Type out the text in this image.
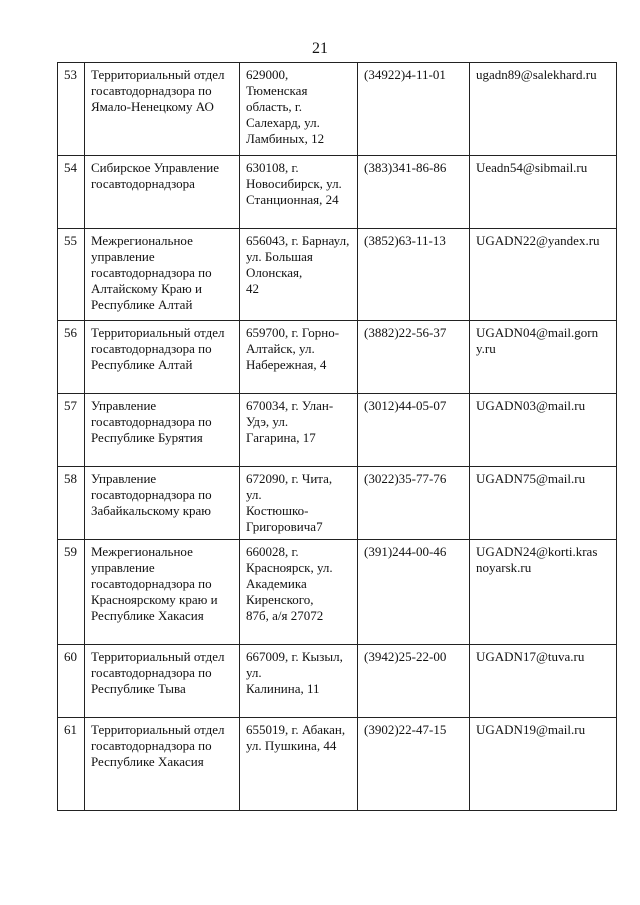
21
53	Территориальный отдел
госавтодорнадзора по
Ямало-Ненецкому АО	629000, Тюменская
область, г.
Салехард, ул.
Ламбиных, 12	(34922)4-11-01	ugadn89@salekhard.ru
54	Сибирское Управление
госавтодорнадзора	630108, г.
Новосибирск, ул.
Станционная, 24	(383)341-86-86	Ueadn54@sibmail.ru
55	Межрегиональное
управление
госавтодорнадзора по
Алтайскому Краю и
Республике Алтай	656043, г. Барнаул,
ул. Большая
Олонская,
42	(3852)63-11-13	UGADN22@yandex.ru
56	Территориальный отдел
госавтодорнадзора по
Республике Алтай	659700, г. Горно-
Алтайск, ул.
Набережная, 4	(3882)22-56-37	UGADN04@mail.gorn
y.ru
57	Управление
госавтодорнадзора по
Республике Бурятия	670034, г. Улан-
Удэ, ул.
Гагарина, 17	(3012)44-05-07	UGADN03@mail.ru
58	Управление
госавтодорнадзора по
Забайкальскому краю	672090, г. Чита, ул.
Костюшко-
Григоровича7	(3022)35-77-76	UGADN75@mail.ru
59	Межрегиональное
управление
госавтодорнадзора по
Красноярскому краю и
Республике Хакасия	660028, г.
Красноярск, ул.
Академика
Киренского,
87б, а/я 27072	(391)244-00-46	UGADN24@korti.kras
noyarsk.ru
60	Территориальный отдел
госавтодорнадзора по
Республике Тыва	667009, г. Кызыл,
ул.
Калинина, 11	(3942)25-22-00	UGADN17@tuva.ru
61	Территориальный отдел
госавтодорнадзора по
Республике Хакасия	655019, г. Абакан,
ул. Пушкина, 44	(3902)22-47-15	UGADN19@mail.ru
